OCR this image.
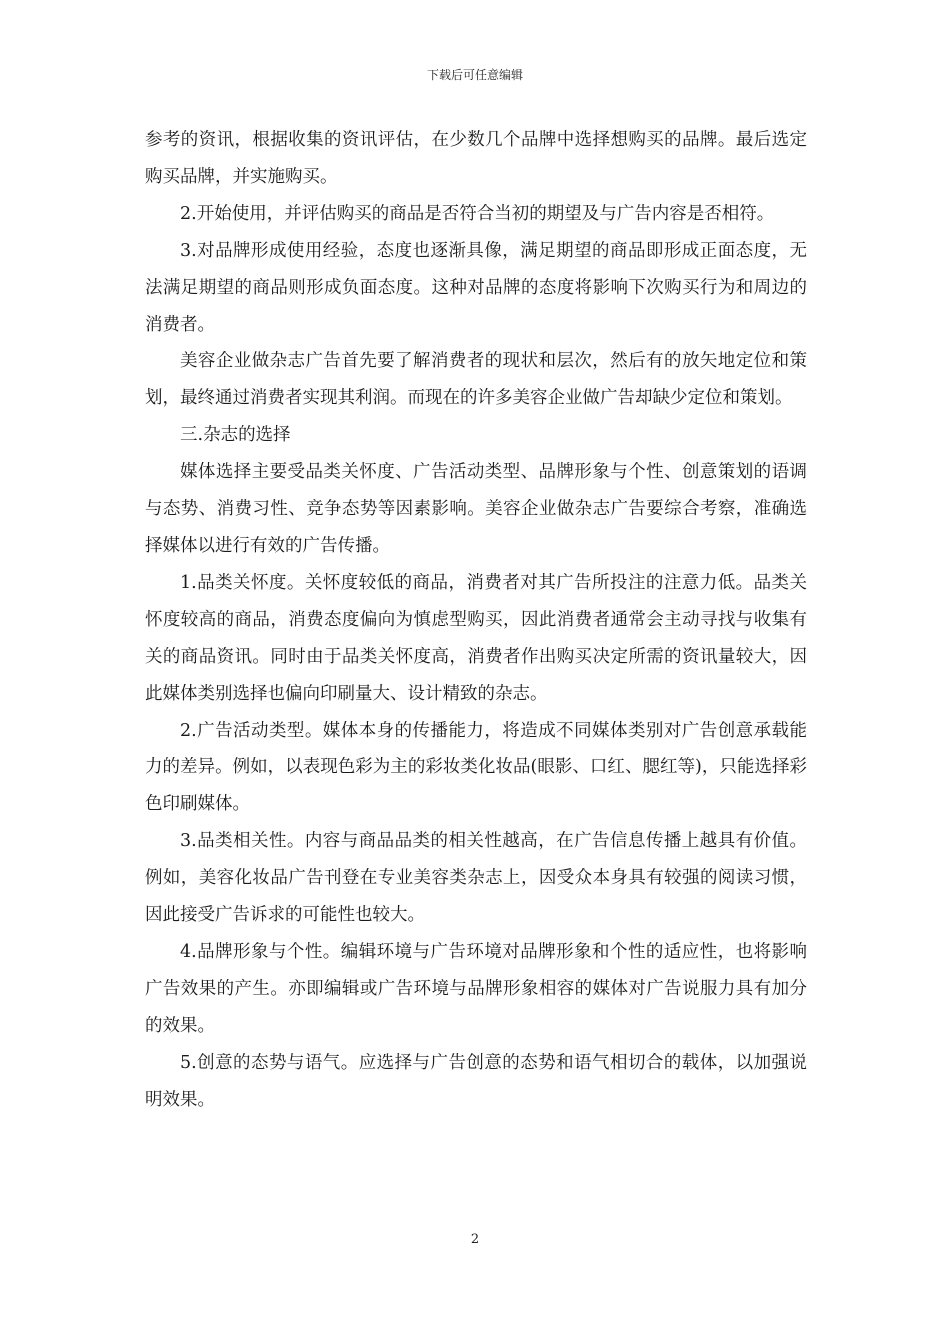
下载后可任意编辑

参考的资讯，根据收集的资讯评估，在少数几个品牌中选择想购买的品牌。最后选定购买品牌，并实施购买。

2.开始使用，并评估购买的商品是否符合当初的期望及与广告内容是否相符。

3.对品牌形成使用经验，态度也逐渐具像，满足期望的商品即形成正面态度，无法满足期望的商品则形成负面态度。这种对品牌的态度将影响下次购买行为和周边的消费者。

美容企业做杂志广告首先要了解消费者的现状和层次，然后有的放矢地定位和策划，最终通过消费者实现其利润。而现在的许多美容企业做广告却缺少定位和策划。

三.杂志的选择

媒体选择主要受品类关怀度、广告活动类型、品牌形象与个性、创意策划的语调与态势、消费习性、竞争态势等因素影响。美容企业做杂志广告要综合考察，准确选择媒体以进行有效的广告传播。

1.品类关怀度。关怀度较低的商品，消费者对其广告所投注的注意力低。品类关怀度较高的商品，消费态度偏向为慎虑型购买，因此消费者通常会主动寻找与收集有关的商品资讯。同时由于品类关怀度高，消费者作出购买决定所需的资讯量较大，因此媒体类别选择也偏向印刷量大、设计精致的杂志。

2.广告活动类型。媒体本身的传播能力，将造成不同媒体类别对广告创意承载能力的差异。例如，以表现色彩为主的彩妆类化妆品(眼影、口红、腮红等)，只能选择彩色印刷媒体。

3.品类相关性。内容与商品品类的相关性越高，在广告信息传播上越具有价值。例如，美容化妆品广告刊登在专业美容类杂志上，因受众本身具有较强的阅读习惯，因此接受广告诉求的可能性也较大。

4.品牌形象与个性。编辑环境与广告环境对品牌形象和个性的适应性，也将影响广告效果的产生。亦即编辑或广告环境与品牌形象相容的媒体对广告说服力具有加分的效果。

5.创意的态势与语气。应选择与广告创意的态势和语气相切合的载体，以加强说明效果。

2
